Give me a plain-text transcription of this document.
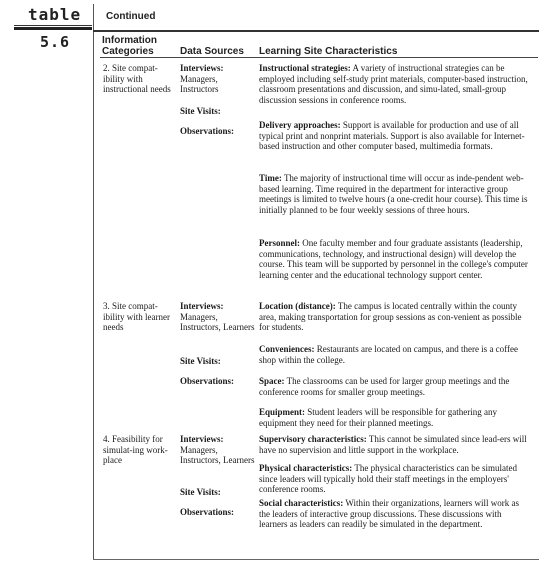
table
5.6
Continued
Information Categories	Data Sources Learning Site Characteristics
2. Site compat-ibility with instructional needs
Interviews: Managers, Instructors
Site Visits:
Observations:
Instructional strategies: A variety of instructional strategies can be employed including self-study print materials, computer-based instruction, classroom presentations and discussion, and simu-lated, small-group discussion sessions in conference rooms.
Delivery approaches: Support is available for production and use of all typical print and nonprint materials. Support is also available for Internet-based instruction and other computer based, multimedia formats.
Time: The majority of instructional time will occur as inde-pendent web-based learning. Time required in the department for interactive group meetings is limited to twelve hours (a one-credit hour course). This time is initially planned to be four weekly sessions of three hours.
Personnel: One faculty member and four graduate assistants (leadership, communications, technology, and instructional design) will develop the course. This team will be supported by personnel in the college's computer learning center and the educational technology support center.
3. Site compat-ibility with learner needs
Interviews: Managers, Instructors, Learners
Site Visits:
Observations:
Location (distance): The campus is located centrally within the county area, making transportation for group sessions as con-venient as possible for students.
Conveniences: Restaurants are located on campus, and there is a coffee shop within the college.
Space: The classrooms can be used for larger group meetings and the conference rooms for smaller group meetings.
Equipment: Student leaders will be responsible for gathering any equipment they need for their planned meetings.
4. Feasibility for simulat-ing work-place
Interviews: Managers, Instructors, Learners
Site Visits:
Observations:
Supervisory characteristics: This cannot be simulated since lead-ers will have no supervision and little support in the workplace.
Physical characteristics: The physical characteristics can be simulated since leaders will typically hold their staff meetings in the employers' conference rooms.
Social characteristics: Within their organizations, learners will work as the leaders of interactive group discussions. These discussions with learners as leaders can readily be simulated in the department.
